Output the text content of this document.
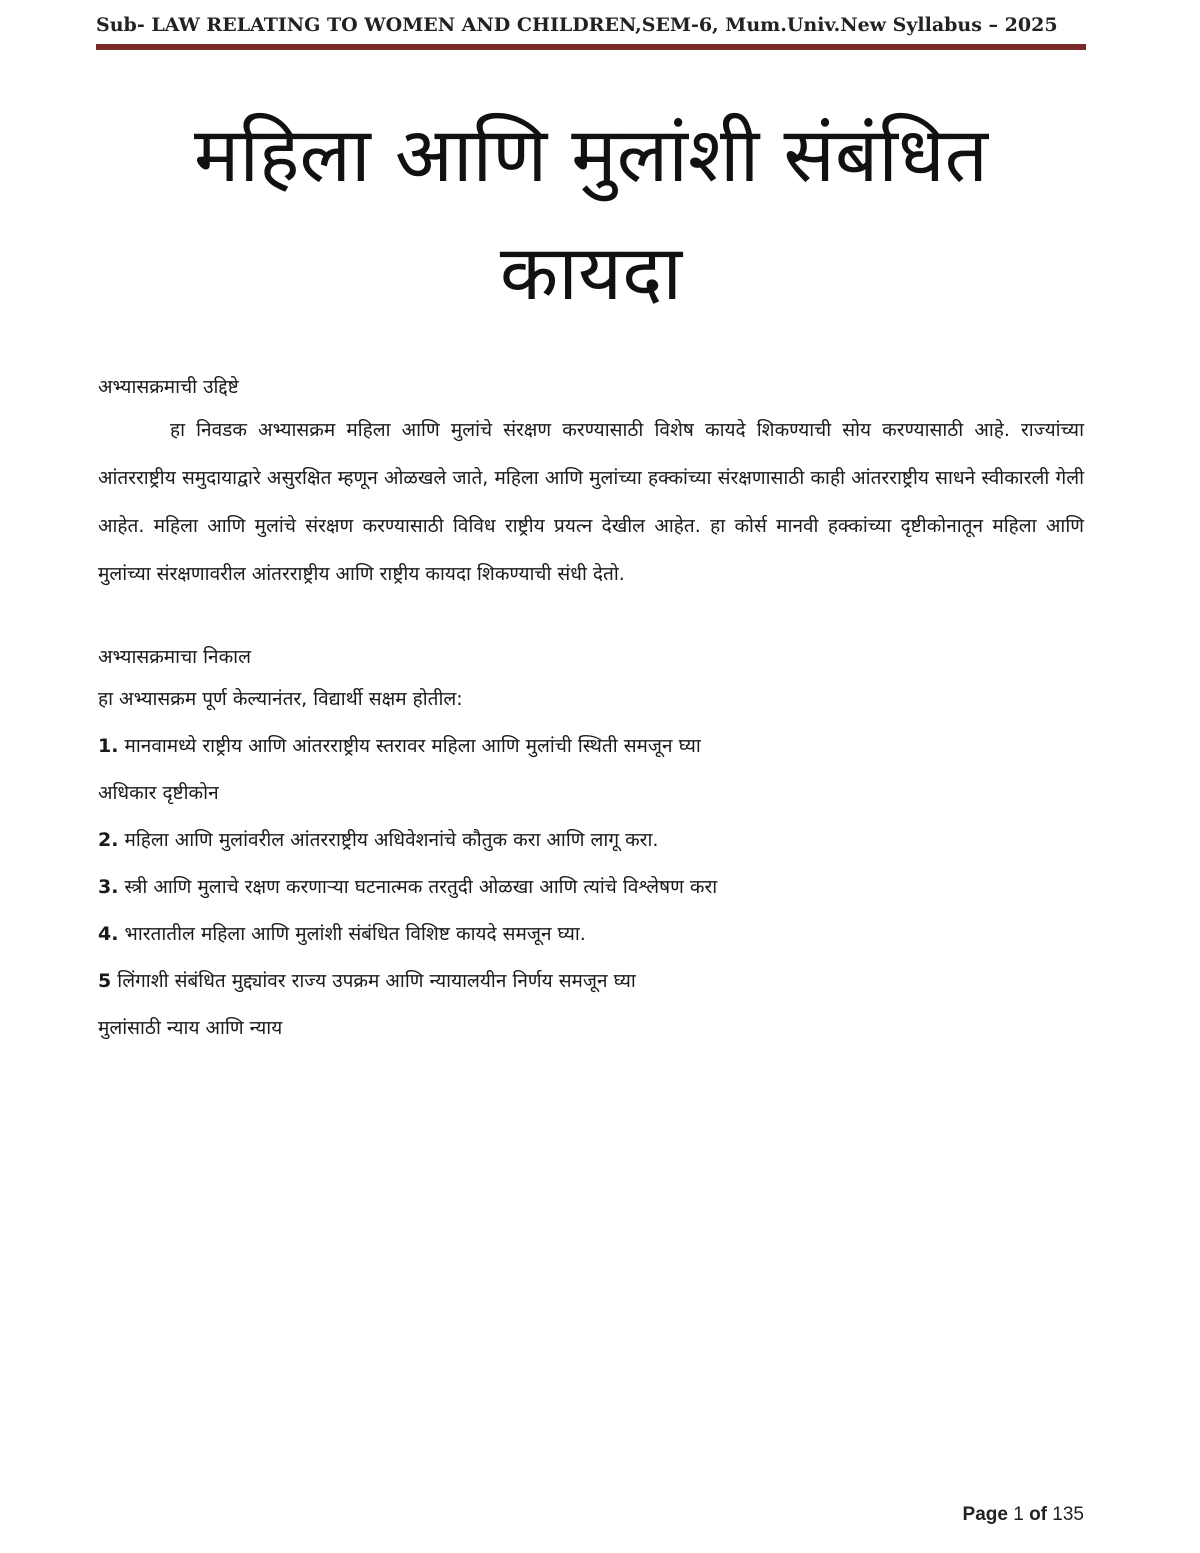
Sub- LAW RELATING TO WOMEN AND CHILDREN,SEM-6, Mum.Univ.New Syllabus – 2025
महिला आणि मुलांशी संबंधित
कायदा

अभ्यासक्रमाची उद्दिष्टे

हा निवडक अभ्यासक्रम महिला आणि मुलांचे संरक्षण करण्यासाठी विशेष कायदे शिकण्याची सोय करण्यासाठी आहे. राज्यांच्या आंतरराष्ट्रीय समुदायाद्वारे असुरक्षित म्हणून ओळखले जाते, महिला आणि मुलांच्या हक्कांच्या संरक्षणासाठी काही आंतरराष्ट्रीय साधने स्वीकारली गेली आहेत. महिला आणि मुलांचे संरक्षण करण्यासाठी विविध राष्ट्रीय प्रयत्न देखील आहेत. हा कोर्स मानवी हक्कांच्या दृष्टीकोनातून महिला आणि मुलांच्या संरक्षणावरील आंतरराष्ट्रीय आणि राष्ट्रीय कायदा शिकण्याची संधी देतो.

अभ्यासक्रमाचा निकाल

हा अभ्यासक्रम पूर्ण केल्यानंतर, विद्यार्थी सक्षम होतील:

1. मानवामध्ये राष्ट्रीय आणि आंतरराष्ट्रीय स्तरावर महिला आणि मुलांची स्थिती समजून घ्या

अधिकार दृष्टीकोन

2. महिला आणि मुलांवरील आंतरराष्ट्रीय अधिवेशनांचे कौतुक करा आणि लागू करा.

3. स्त्री आणि मुलाचे रक्षण करणाऱ्या घटनात्मक तरतुदी ओळखा आणि त्यांचे विश्लेषण करा

4. भारतातील महिला आणि मुलांशी संबंधित विशिष्ट कायदे समजून घ्या.

5 लिंगाशी संबंधित मुद्द्यांवर राज्य उपक्रम आणि न्यायालयीन निर्णय समजून घ्या

मुलांसाठी न्याय आणि न्याय

Page 1 of 135
